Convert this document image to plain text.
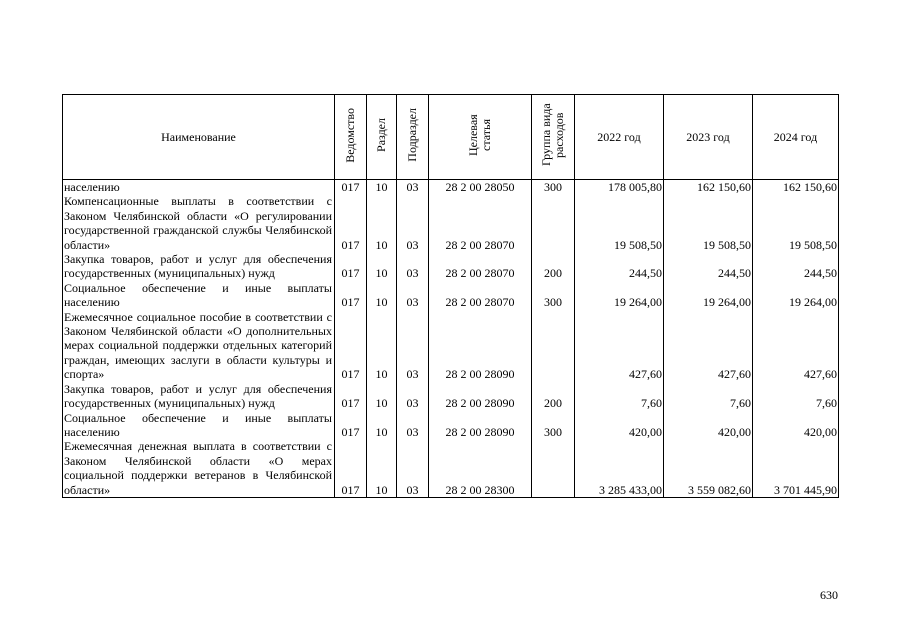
Наименование	Ведомство	Раздел	Подраздел	Целевая статья	Группа вида расходов	2022 год	2023 год	2024 год
населению	017	10	03	28 2 00 28050	300	178 005,80	162 150,60	162 150,60
Компенсационные выплаты в соответствии с Законом Челябинской области «О регулировании государственной гражданской службы Челябинской области»	017	10	03	28 2 00 28070		19 508,50	19 508,50	19 508,50
Закупка товаров, работ и услуг для обеспечения государственных (муниципальных) нужд	017	10	03	28 2 00 28070	200	244,50	244,50	244,50
Социальное обеспечение и иные выплаты населению	017	10	03	28 2 00 28070	300	19 264,00	19 264,00	19 264,00
Ежемесячное социальное пособие в соответствии с Законом Челябинской области «О дополнительных мерах социальной поддержки отдельных категорий граждан, имеющих заслуги в области культуры и спорта»	017	10	03	28 2 00 28090		427,60	427,60	427,60
Закупка товаров, работ и услуг для обеспечения государственных (муниципальных) нужд	017	10	03	28 2 00 28090	200	7,60	7,60	7,60
Социальное обеспечение и иные выплаты населению	017	10	03	28 2 00 28090	300	420,00	420,00	420,00
Ежемесячная денежная выплата в соответствии с Законом Челябинской области «О мерах социальной поддержки ветеранов в Челябинской области»	017	10	03	28 2 00 28300		3 285 433,00	3 559 082,60	3 701 445,90
630
